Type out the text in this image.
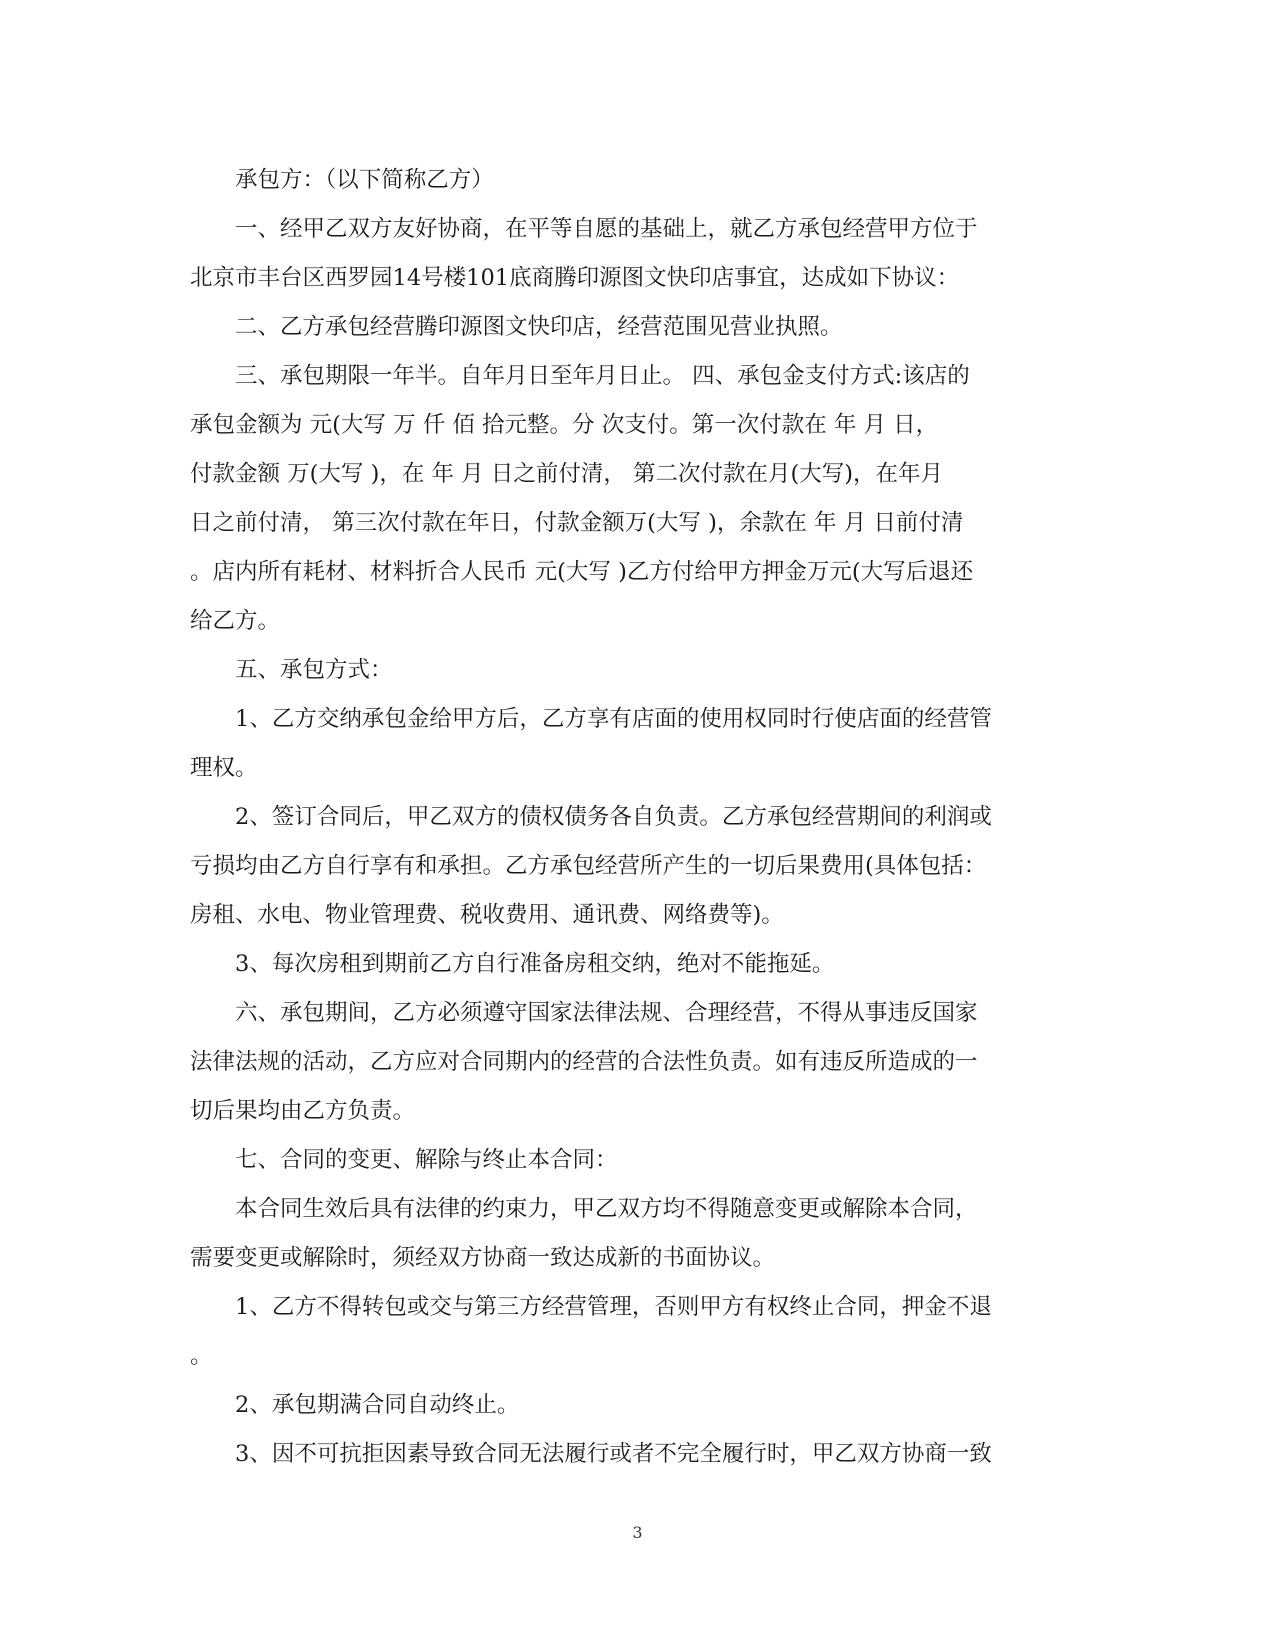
承包方：（以下简称乙方）

一、经甲乙双方友好协商，在平等自愿的基础上，就乙方承包经营甲方位于

北京市丰台区西罗园14号楼101底商腾印源图文快印店事宜，达成如下协议：

二、乙方承包经营腾印源图文快印店，经营范围见营业执照。

三、承包期限一年半。自年月日至年月日止。 四、承包金支付方式:该店的

承包金额为 元(大写 万 仟 佰 拾元整。分 次支付。第一次付款在 年 月 日，

付款金额 万(大写 )，在 年 月 日之前付清， 第二次付款在月(大写)，在年月

日之前付清， 第三次付款在年日，付款金额万(大写 )，余款在 年 月 日前付清

。店内所有耗材、材料折合人民币 元(大写 )乙方付给甲方押金万元(大写后退还

给乙方。

五、承包方式：

1、乙方交纳承包金给甲方后，乙方享有店面的使用权同时行使店面的经营管

理权。

2、签订合同后，甲乙双方的债权债务各自负责。乙方承包经营期间的利润或

亏损均由乙方自行享有和承担。乙方承包经营所产生的一切后果费用(具体包括：

房租、水电、物业管理费、税收费用、通讯费、网络费等)。

3、每次房租到期前乙方自行准备房租交纳，绝对不能拖延。

六、承包期间，乙方必须遵守国家法律法规、合理经营，不得从事违反国家

法律法规的活动，乙方应对合同期内的经营的合法性负责。如有违反所造成的一

切后果均由乙方负责。

七、合同的变更、解除与终止本合同：

本合同生效后具有法律的约束力，甲乙双方均不得随意变更或解除本合同，

需要变更或解除时，须经双方协商一致达成新的书面协议。

1、乙方不得转包或交与第三方经营管理，否则甲方有权终止合同，押金不退

。

2、承包期满合同自动终止。

3、因不可抗拒因素导致合同无法履行或者不完全履行时，甲乙双方协商一致

3
